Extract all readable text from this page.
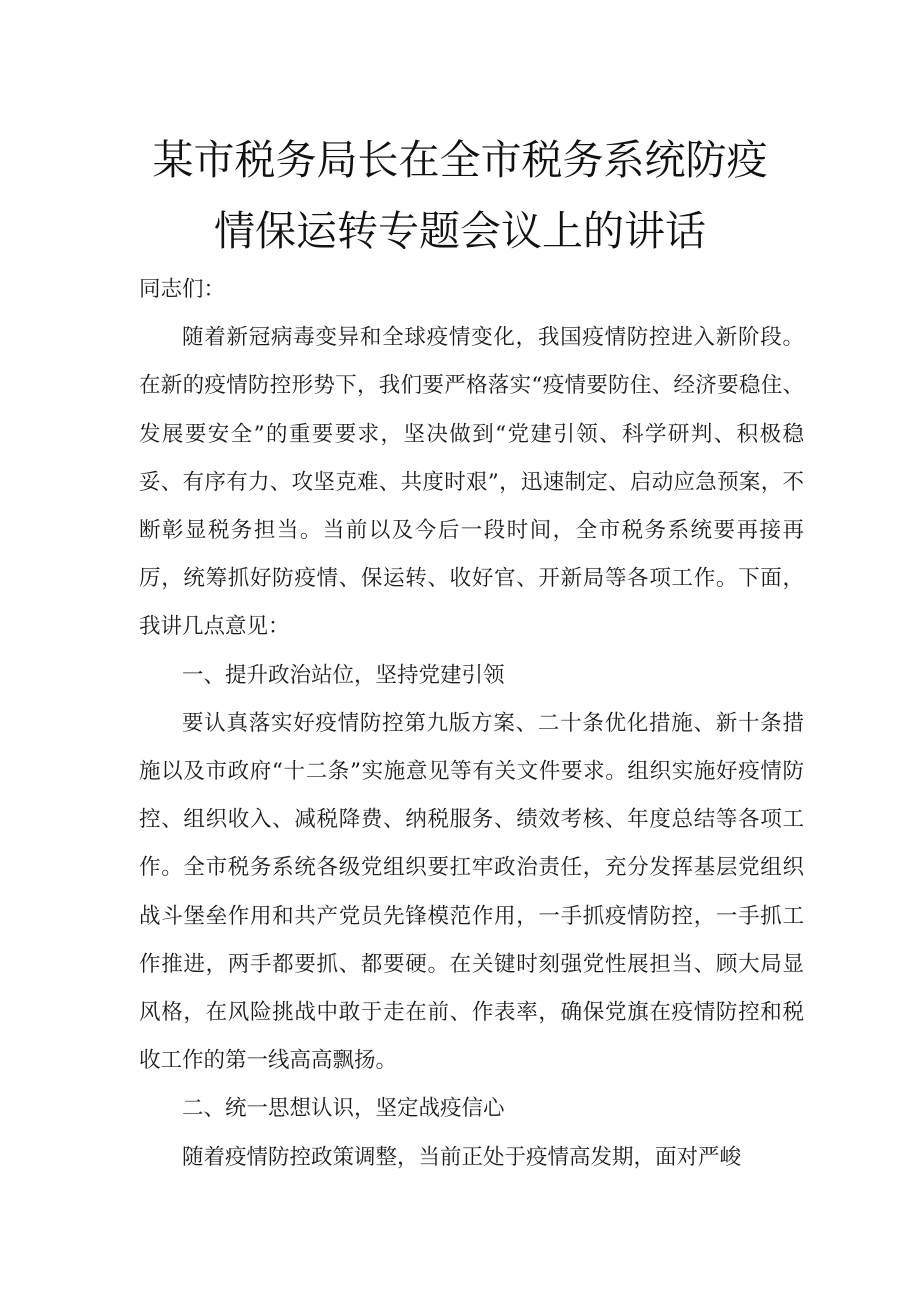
某市税务局长在全市税务系统防疫
情保运转专题会议上的讲话

同志们：

随着新冠病毒变异和全球疫情变化，我国疫情防控进入新阶段。在新的疫情防控形势下，我们要严格落实“疫情要防住、经济要稳住、发展要安全”的重要要求，坚决做到“党建引领、科学研判、积极稳妥、有序有力、攻坚克难、共度时艰”，迅速制定、启动应急预案，不断彰显税务担当。当前以及今后一段时间，全市税务系统要再接再厉，统筹抓好防疫情、保运转、收好官、开新局等各项工作。下面，我讲几点意见：

一、提升政治站位，坚持党建引领

要认真落实好疫情防控第九版方案、二十条优化措施、新十条措施以及市政府“十二条”实施意见等有关文件要求。组织实施好疫情防控、组织收入、减税降费、纳税服务、绩效考核、年度总结等各项工作。全市税务系统各级党组织要扛牢政治责任，充分发挥基层党组织战斗堡垒作用和共产党员先锋模范作用，一手抓疫情防控，一手抓工作推进，两手都要抓、都要硬。在关键时刻强党性展担当、顾大局显风格，在风险挑战中敢于走在前、作表率，确保党旗在疫情防控和税收工作的第一线高高飘扬。

二、统一思想认识，坚定战疫信心

随着疫情防控政策调整，当前正处于疫情高发期，面对严峻
